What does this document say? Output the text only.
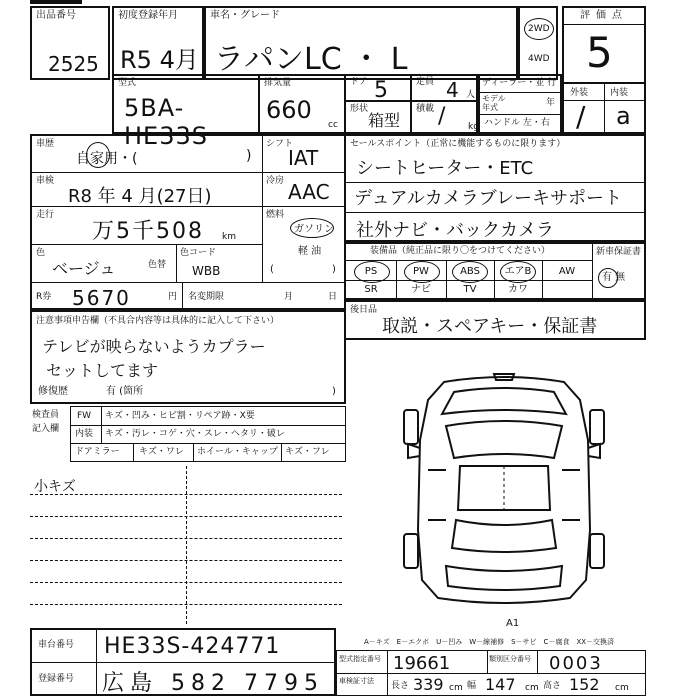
出品番号
2525
初度登録年月
R5 4月
車名・グレード
ラパンLC ・ L
2WD
4WD
評価点
5
外装 内装
/ a
型式
5BA-HE33S
排気量
660
cc
ドア 5	定員 4 人
形状
箱型
積載 /	kg
ディーラー・並 行
モデル年式	年
ハンドル 左・右
車歴
自家用・(	)
車検
R8 年 4 月(27日)
走行
万5千508 km
色
ベージュ	色替
色コード
WBB
R券 5670	円 名変期限	月	日
シフト
IAT
冷房 AAC
燃料
ガソリン
軽 油
(	)
セールスポイント（正常に機能するものに限ります）
シートヒーター・ETC
デュアルカメラブレーキサポート
社外ナビ・バックカメラ
装備品（純正品に限り〇をつけてください）	新車保証書
有 無
PS	PW	ABS	エアB	AW
SR	ナビ	TV	カワ
後日品
取説・スペアキー・保証書
注意事項申告欄（不具合内容等は具体的に記入して下さい）
テレビが映らないようカプラー
セットしてます
修復歴	有 (箇所	)
検査員
記入欄
FW キズ・凹み・ヒビ割・リペア跡・X要
内装 キズ・汚レ・コゲ・穴・スレ・ヘタリ・破レ
ドアミラー キズ・ワレ ホイール・キャップ キズ・フレ
小キズ
A1
A－キズ　E－エクボ　U－凹み　W－線補修　S－サビ　C－腐食　XX－交換済
車台番号 HE33S-424771
登録番号 広島 582 7795
型式指定番号 19661	類別区分番号	0003
車検証寸法	長さ 339 cm 幅 147 cm 高さ 152 cm
